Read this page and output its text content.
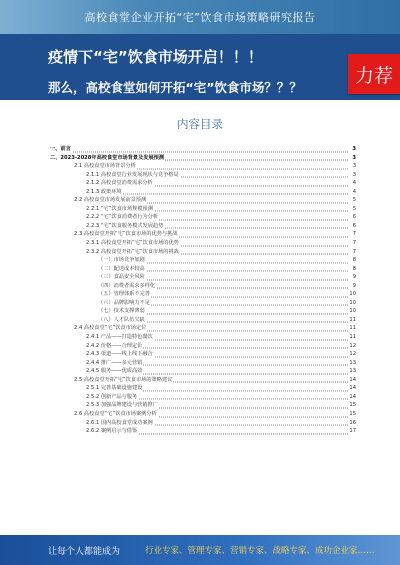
高校食堂企业开拓“宅”饮食市场策略研究报告
疫情下“宅”饮食市场开启！！！
那么，高校食堂如何开拓“宅”饮食市场？？？
力荐
内容目录
一、前言	3
二、2023-2028年高校食堂市场背景及发展预测	3
2.1 高校食堂市场背景分析	3
2.1.1 高校食堂行业发展现状与竞争格局	3
2.1.2 高校食堂消费需求分析	4
2.1.3 政策环境	4
2.2 高校食堂市场发展前景预测	5
2.2.1 “宅”饮食市场规模预测	5
2.2.2 “宅”饮食消费者行为分析	6
2.2.3 “宅”饮食服务模式发展趋势	6
2.3 高校食堂开拓“宅”饮食市场的优势与挑战	7
2.3.1 高校食堂开拓“宅”饮食市场的优势	7
2.3.2 高校食堂开拓“宅”饮食市场的挑战	7
（一）市场竞争加剧	8
（二）配送成本较高	8
（三）食品安全风险	9
（四）消费者需求多样化	9
（五）管理体系不完善	10
（六）品牌影响力不足	10
（七）技术支撑薄弱	10
（八）人才队伍欠缺	11
2.4 高校食堂“宅”饮食市场定位	11
2.4.1 产品——打造特色餐饮	11
2.4.2 价格——合理定价	12
2.4.3 渠道——线上线下融合	12
2.4.4 推广——多元营销	13
2.4.5 服务——优质高效	13
2.5 高校食堂开拓“宅”饮食市场的策略建议	14
2.5.1 完善基础设施建设	14
2.5.2 创新产品与服务	14
2.5.3 加强品牌建设与营销推广	15
2.6 高校食堂“宅”饮食市场案例分析	15
2.6.1 国内高校食堂成功案例	16
2.6.2 案例启示与借鉴	17
让每个人都能成为	行业专家、管理专家、营销专家、战略专家、成功企业家……
